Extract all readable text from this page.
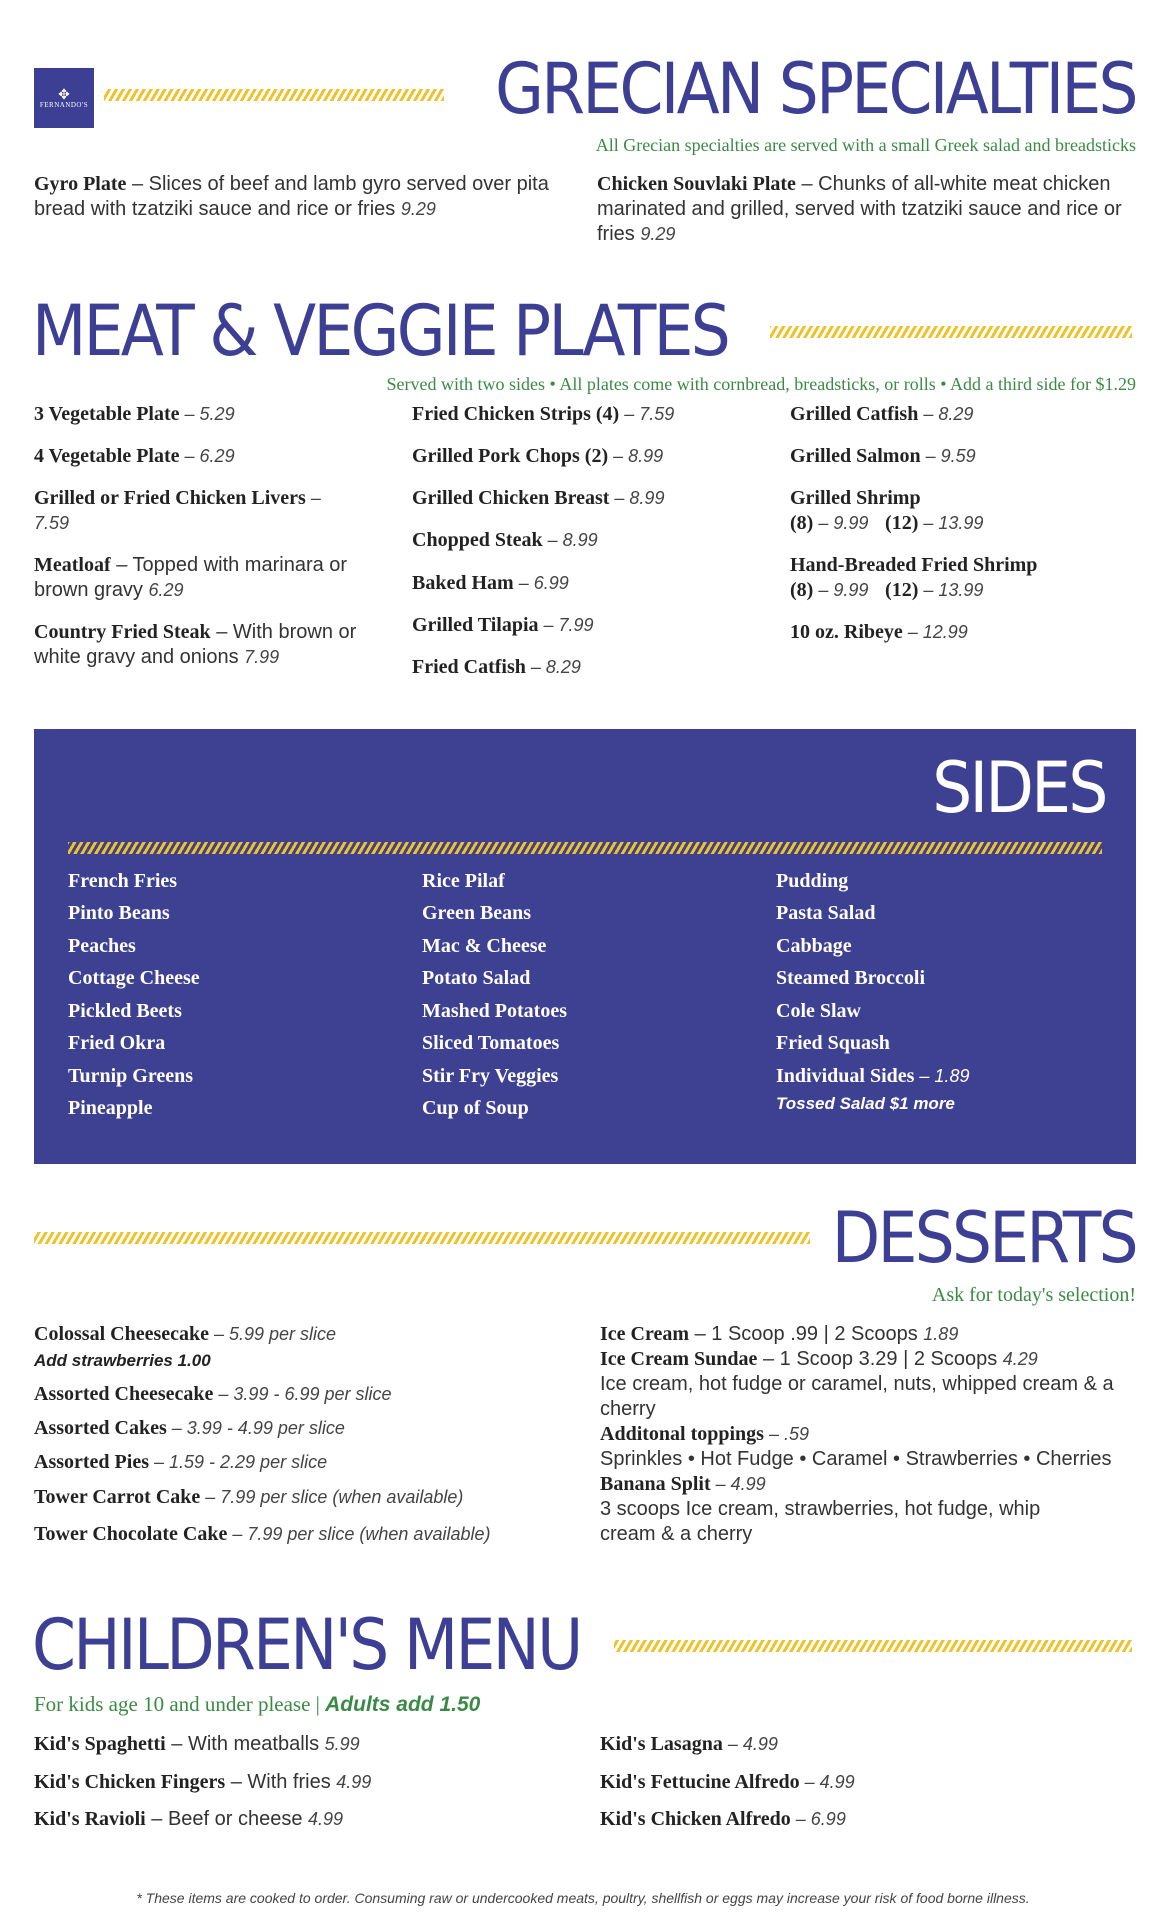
✥
FERNANDO'S	GRECIAN SPECIALTIES
All Grecian specialties are served with a small Greek salad and breadsticks
Gyro Plate – Slices of beef and lamb gyro served over pita bread with tzatziki sauce and rice or fries 9.29
Chicken Souvlaki Plate – Chunks of all-white meat chicken marinated and grilled, served with tzatziki sauce and rice or fries 9.29
MEAT & VEGGIE PLATES
Served with two sides • All plates come with cornbread, breadsticks, or rolls • Add a third side for $1.29
3 Vegetable Plate – 5.29
4 Vegetable Plate – 6.29
Grilled or Fried Chicken Livers – 7.59
Meatloaf – Topped with marinara or brown gravy 6.29
Country Fried Steak – With brown or white gravy and onions 7.99
Fried Chicken Strips (4) – 7.59
Grilled Pork Chops (2) – 8.99
Grilled Chicken Breast – 8.99
Chopped Steak – 8.99
Baked Ham – 6.99
Grilled Tilapia – 7.99
Fried Catfish – 8.29
Grilled Catfish – 8.29
Grilled Salmon – 9.59
Grilled Shrimp
(8) – 9.99 (12) – 13.99
Hand-Breaded Fried Shrimp
(8) – 9.99 (12) – 13.99
10 oz. Ribeye – 12.99
SIDES
French Fries
Pinto Beans
Peaches
Cottage Cheese
Pickled Beets
Fried Okra
Turnip Greens
Pineapple
Rice Pilaf
Green Beans
Mac & Cheese
Potato Salad
Mashed Potatoes
Sliced Tomatoes
Stir Fry Veggies
Cup of Soup
Pudding
Pasta Salad
Cabbage
Steamed Broccoli
Cole Slaw
Fried Squash
Individual Sides – 1.89
Tossed Salad $1 more
DESSERTS
Ask for today's selection!
Colossal Cheesecake – 5.99 per slice
Add strawberries 1.00
Assorted Cheesecake – 3.99 - 6.99 per slice
Assorted Cakes – 3.99 - 4.99 per slice
Assorted Pies – 1.59 - 2.29 per slice
Tower Carrot Cake – 7.99 per slice (when available)
Tower Chocolate Cake – 7.99 per slice (when available)
Ice Cream – 1 Scoop .99 | 2 Scoops 1.89
Ice Cream Sundae – 1 Scoop 3.29 | 2 Scoops 4.29
Ice cream, hot fudge or caramel, nuts, whipped cream & a cherry
Additonal toppings – .59
Sprinkles • Hot Fudge • Caramel • Strawberries • Cherries
Banana Split – 4.99
3 scoops Ice cream, strawberries, hot fudge, whip cream & a cherry
CHILDREN'S MENU
For kids age 10 and under please | Adults add 1.50
Kid's Spaghetti – With meatballs 5.99
Kid's Chicken Fingers – With fries 4.99
Kid's Ravioli – Beef or cheese 4.99
Kid's Lasagna – 4.99
Kid's Fettucine Alfredo – 4.99
Kid's Chicken Alfredo – 6.99
* These items are cooked to order. Consuming raw or undercooked meats, poultry, shellfish or eggs may increase your risk of food borne illness.
